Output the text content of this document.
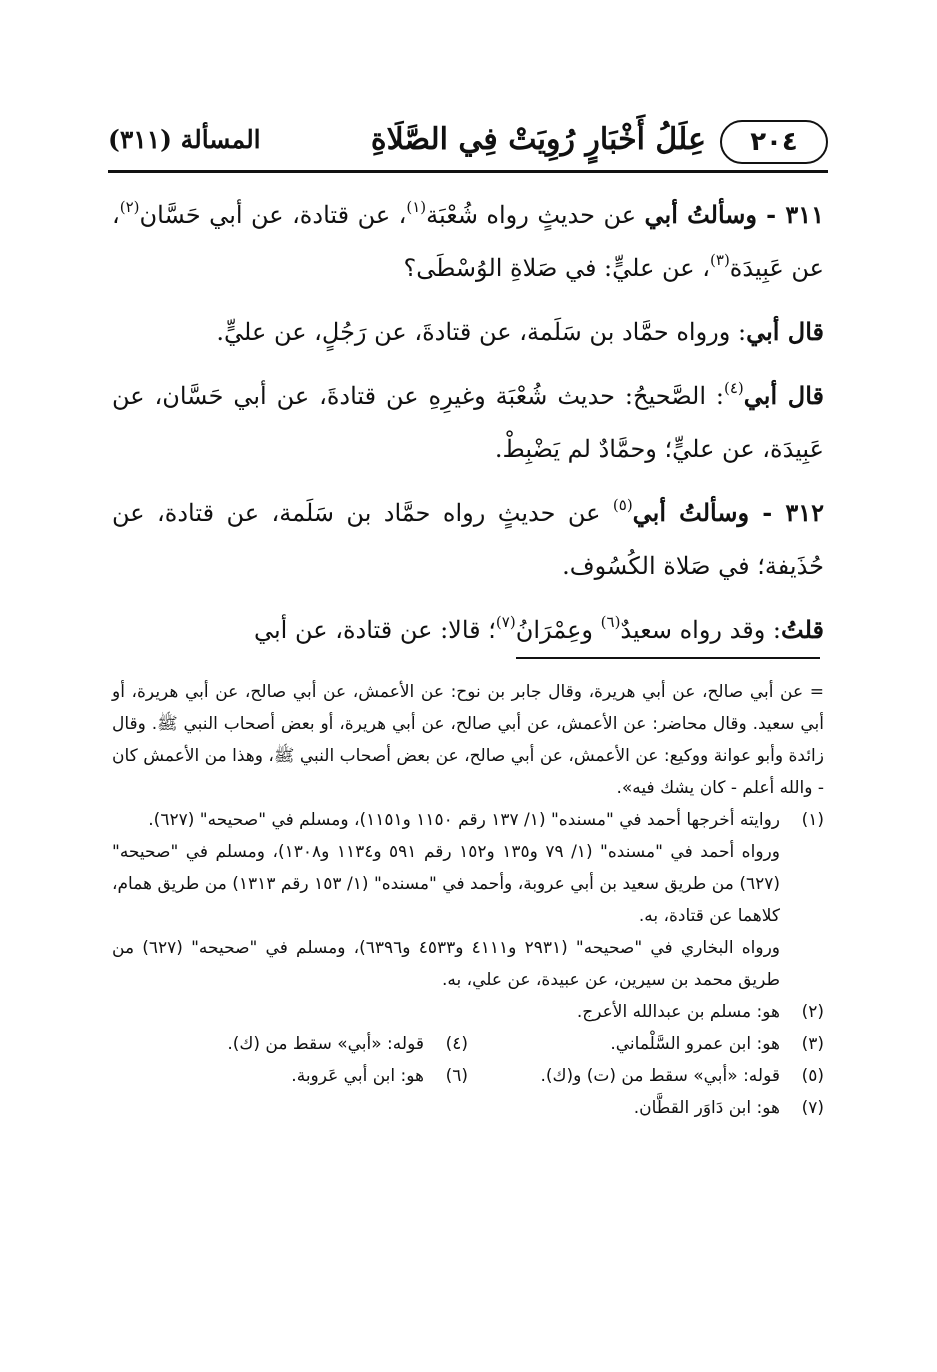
٢٠٤
عِلَلُ أَخْبَارٍ رُوِيَتْ فِي الصَّلَاةِ
المسألة (٣١١)

٣١١ - وسألتُ أبي عن حديثٍ رواه شُعْبَة$^{(١)}$، عن قتادة، عن أبي حَسَّان$^{(٢)}$، عن عَبِيدَة$^{(٣)}$، عن عليٍّ: في صَلاةِ الوُسْطَى؟

قال أبي: ورواه حمَّاد بن سَلَمة، عن قتادةَ، عن رَجُلٍ، عن عليٍّ.

قال أبي$^{(٤)}$: الصَّحيحُ: حديث شُعْبَة وغيرِهِ عن قتادةَ، عن أبي حَسَّان، عن عَبِيدَة، عن عليٍّ؛ وحمَّادٌ لم يَضْبِطْ.

٣١٢ - وسألتُ أبي$^{(٥)}$ عن حديثٍ رواه حمَّاد بن سَلَمة، عن قتادة، عن حُذَيفة؛ في صَلاة الكُسُوف.

قلتُ: وقد رواه سعيدٌ$^{(٦)}$ وعِمْرَانُ$^{(٧)}$؛ قالا: عن قتادة، عن أبي

= عن أبي صالح، عن أبي هريرة، وقال جابر بن نوح: عن الأعمش، عن أبي صالح، عن أبي هريرة، أو أبي سعيد. وقال محاضر: عن الأعمش، عن أبي صالح، عن أبي هريرة، أو بعض أصحاب النبي ﷺ. وقال زائدة وأبو عوانة ووكيع: عن الأعمش، عن أبي صالح، عن بعض أصحاب النبي ﷺ، وهذا من الأعمش كان - والله أعلم - كان يشك فيه».

(١)
روايته أخرجها أحمد في "مسنده" (١/ ١٣٧ رقم ١١٥٠ و١١٥١)، ومسلم في "صحيحه" (٦٢٧).

ورواه أحمد في "مسنده" (١/ ٧٩ و١٣٥ و١٥٢ رقم ٥٩١ و١١٣٤ و١٣٠٨)، ومسلم في "صحيحه" (٦٢٧) من طريق سعيد بن أبي عروبة، وأحمد في "مسنده" (١/ ١٥٣ رقم ١٣١٣) من طريق همام، كلاهما عن قتادة، به.

ورواه البخاري في "صحيحه" (٢٩٣١ و٤١١١ و٤٥٣٣ و٦٣٩٦)، ومسلم في "صحيحه" (٦٢٧) من طريق محمد بن سيرين، عن عبيدة، عن علي، به.

(٢)
هو: مسلم بن عبدالله الأعرج.
(٣)
هو: ابن عمرو السَّلْماني.
(٤)
قوله: «أبي» سقط من (ك).
(٥)
قوله: «أبي» سقط من (ت) و(ك).
(٦)
هو: ابن أبي عَروبة.
(٧)
هو: ابن دَاوَر القطَّان.
